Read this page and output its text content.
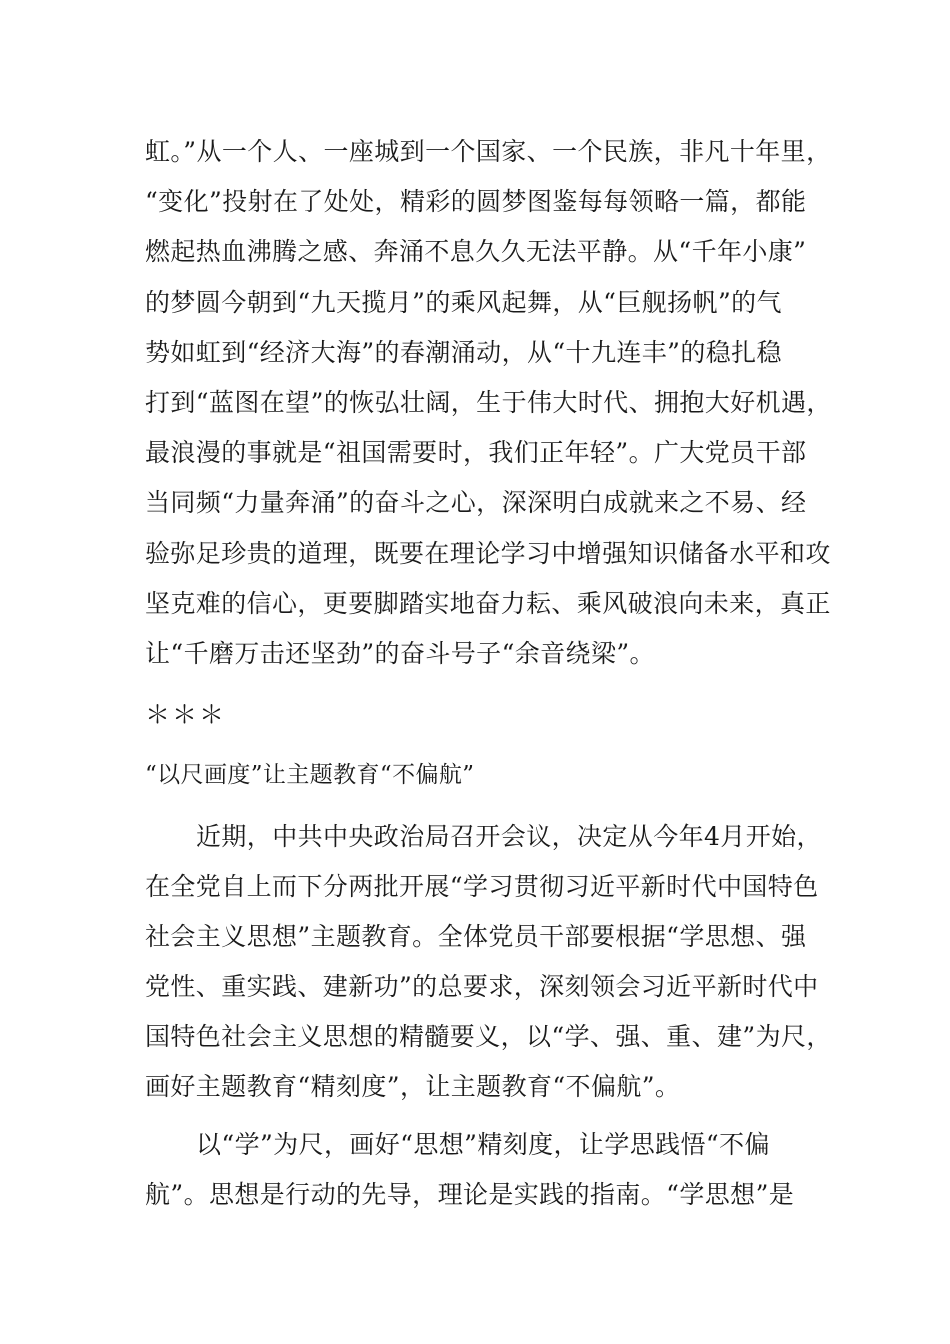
虹。”从一个人、一座城到一个国家、一个民族，非凡十年里，
“变化”投射在了处处，精彩的圆梦图鉴每每领略一篇，都能
燃起热血沸腾之感、奔涌不息久久无法平静。从“千年小康”
的梦圆今朝到“九天揽月”的乘风起舞，从“巨舰扬帆”的气
势如虹到“经济大海”的春潮涌动，从“十九连丰”的稳扎稳
打到“蓝图在望”的恢弘壮阔，生于伟大时代、拥抱大好机遇，
最浪漫的事就是“祖国需要时，我们正年轻”。广大党员干部
当同频“力量奔涌”的奋斗之心，深深明白成就来之不易、经
验弥足珍贵的道理，既要在理论学习中增强知识储备水平和攻
坚克难的信心，更要脚踏实地奋力耘、乘风破浪向未来，真正
让“千磨万击还坚劲”的奋斗号子“余音绕梁”。
＊＊＊
“以尺画度”让主题教育“不偏航”
近期，中共中央政治局召开会议，决定从今年4月开始，
在全党自上而下分两批开展“学习贯彻习近平新时代中国特色
社会主义思想”主题教育。全体党员干部要根据“学思想、强
党性、重实践、建新功”的总要求，深刻领会习近平新时代中
国特色社会主义思想的精髓要义，以“学、强、重、建”为尺，
画好主题教育“精刻度”，让主题教育“不偏航”。
以“学”为尺，画好“思想”精刻度，让学思践悟“不偏
航”。思想是行动的先导，理论是实践的指南。“学思想”是
